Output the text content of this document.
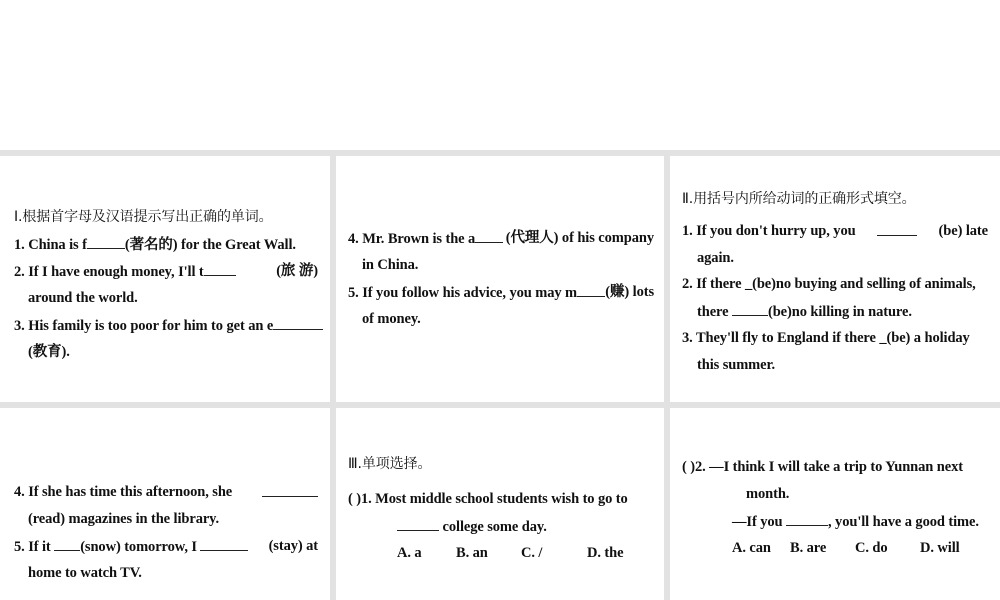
Ⅰ.根据首字母及汉语提示写出正确的单词。
1. China is f	(著名的) for the Great Wall.
2. If I have enough money, I'll t	(旅 游)
around the world.
3. His family is too poor for him to get an e
(教育).
4. Mr. Brown is the a	(代理人) of his company
in China.
5. If you follow his advice, you may m	(赚) lots
of money.
Ⅱ.用括号内所给动词的正确形式填空。
1. If you don't hurry up, you	(be) late
again.
2. If there _(be)no buying and selling of animals,
there	(be)no killing in nature.
3. They'll fly to England if there _(be) a holiday
this summer.
4. If she has time this afternoon, she
(read) magazines in the library.
5. If it (snow) tomorrow, I	(stay) at
home to watch TV.
Ⅲ.单项选择。
( )1. Most middle school students wish to go to
college some day.
A. a B. an C. /	D. the
( )2. —I think I will take a trip to Yunnan next
month.
—If you	, you'll have a good time.
A. can B. are C. do D. will
